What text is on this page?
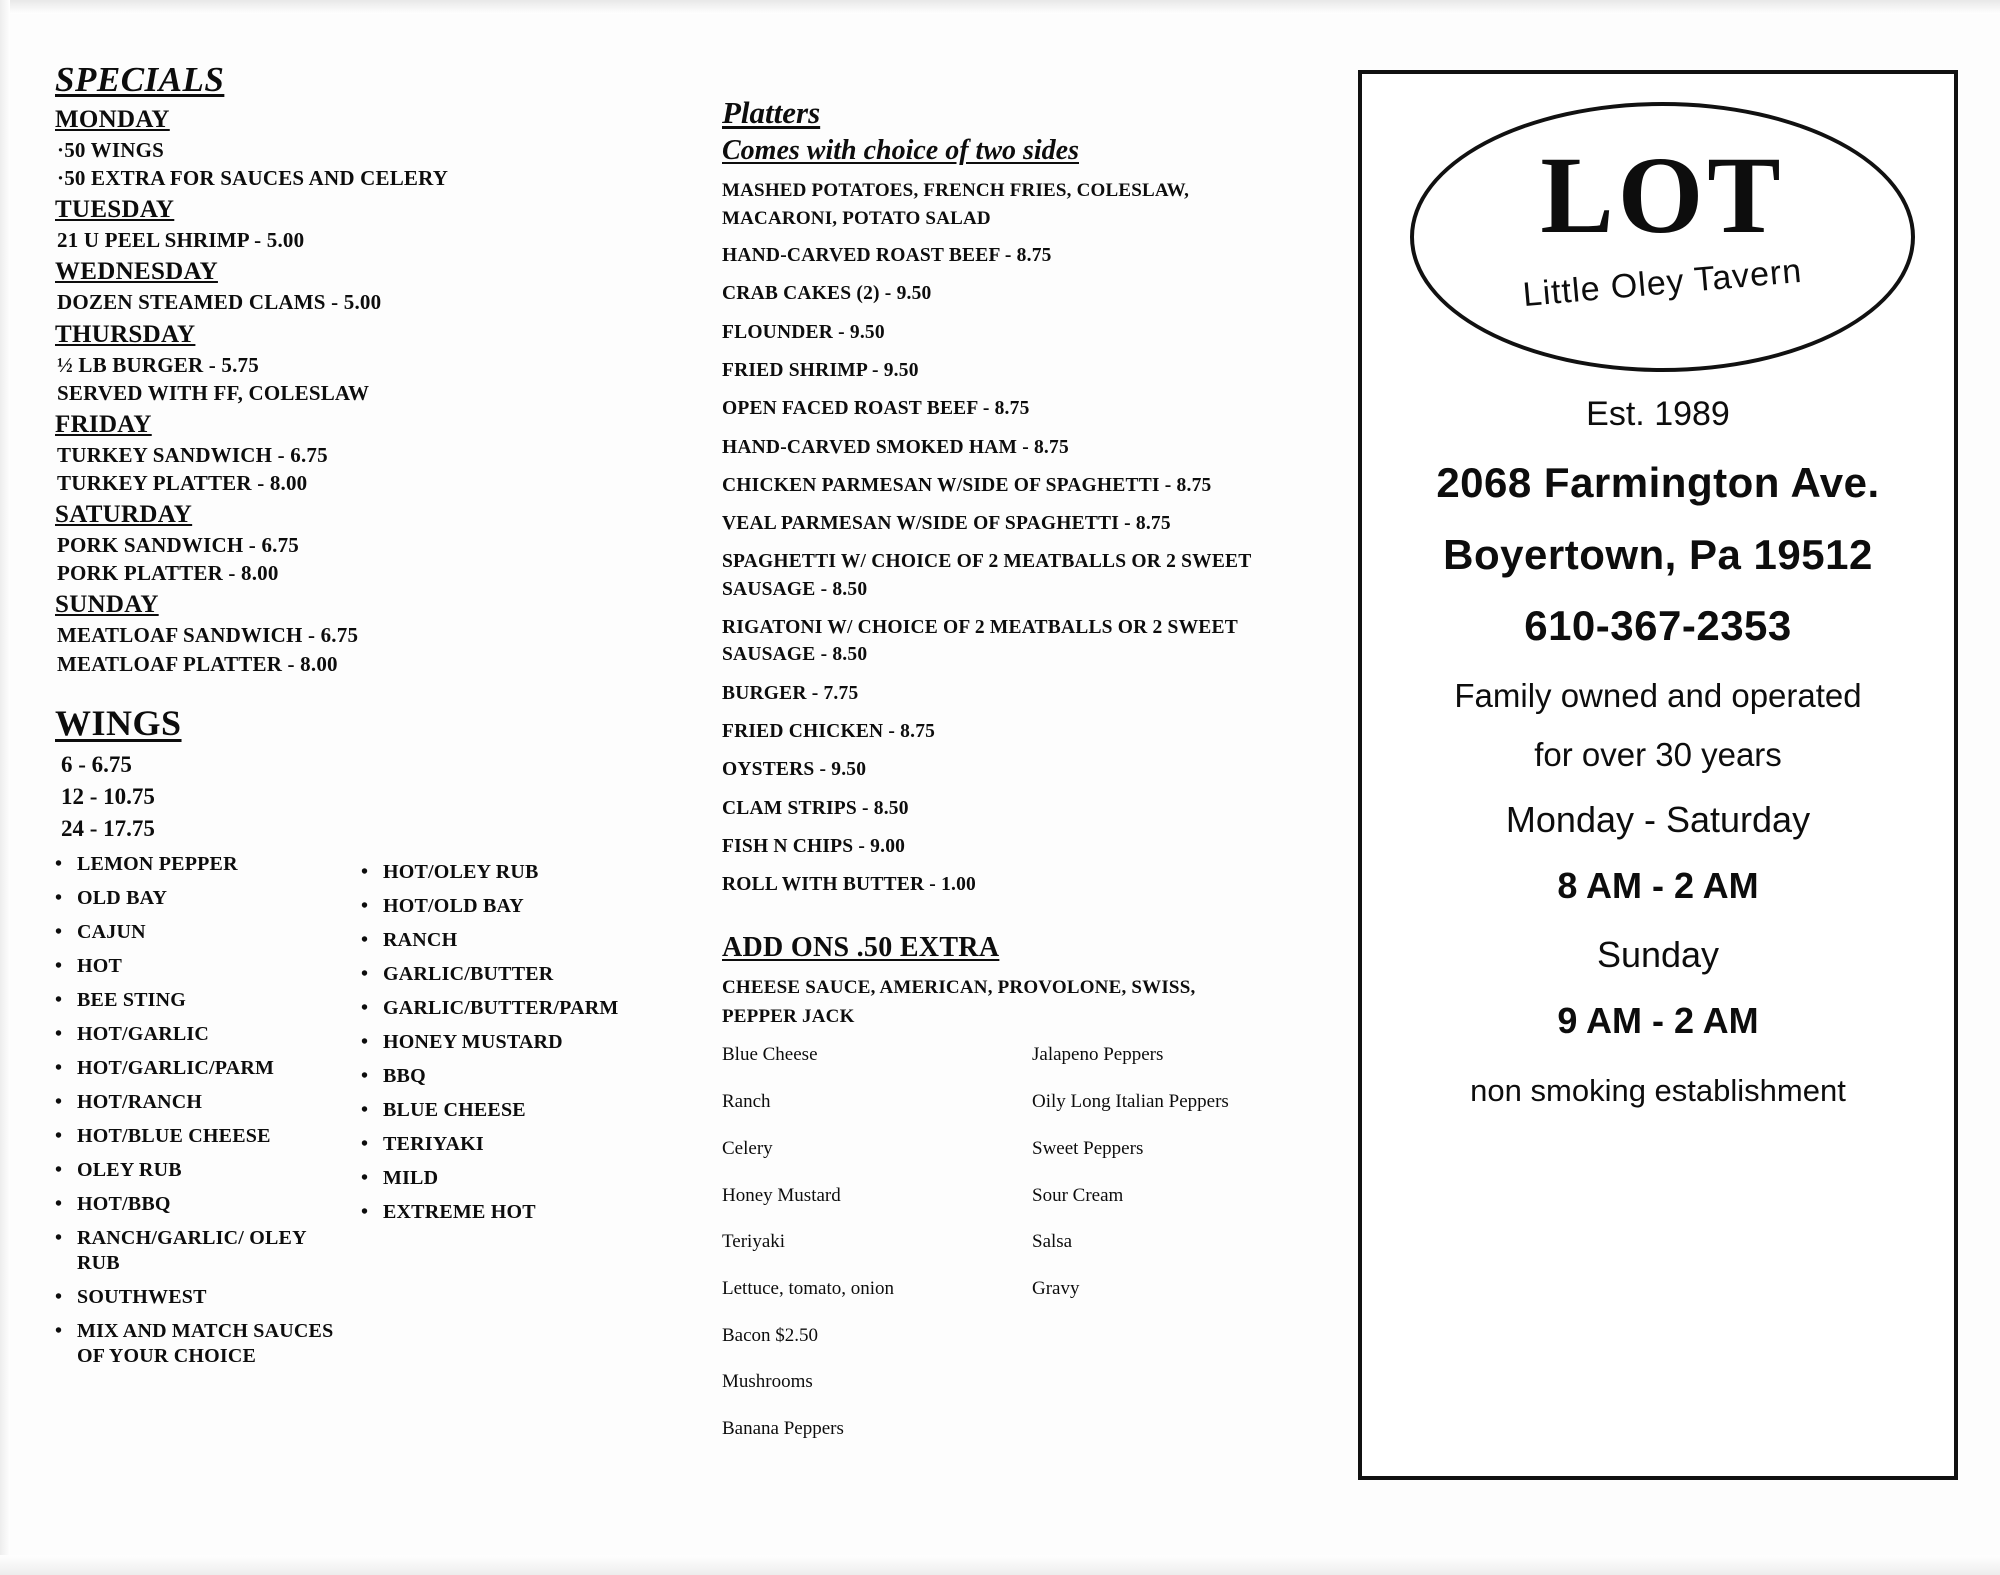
SPECIALS
MONDAY
·50 WINGS
·50 EXTRA FOR SAUCES AND CELERY
TUESDAY
21 U PEEL SHRIMP - 5.00
WEDNESDAY
DOZEN STEAMED CLAMS - 5.00
THURSDAY
½ LB BURGER - 5.75
SERVED WITH FF, COLESLAW
FRIDAY
TURKEY SANDWICH - 6.75
TURKEY PLATTER - 8.00
SATURDAY
PORK SANDWICH - 6.75
PORK PLATTER - 8.00
SUNDAY
MEATLOAF SANDWICH - 6.75
MEATLOAF PLATTER - 8.00
WINGS
6 - 6.75
12 - 10.75
24 - 17.75
• LEMON PEPPER
• OLD BAY
• CAJUN
• HOT
• BEE STING
• HOT/GARLIC
• HOT/GARLIC/PARM
• HOT/RANCH
• HOT/BLUE CHEESE
• OLEY RUB
• HOT/BBQ
• RANCH/GARLIC/ OLEY RUB
• SOUTHWEST
• MIX AND MATCH SAUCES OF YOUR CHOICE
• HOT/OLEY RUB
• HOT/OLD BAY
• RANCH
• GARLIC/BUTTER
• GARLIC/BUTTER/PARM
• HONEY MUSTARD
• BBQ
• BLUE CHEESE
• TERIYAKI
• MILD
• EXTREME HOT
Platters
Comes with choice of two sides
MASHED POTATOES, FRENCH FRIES, COLESLAW, MACARONI, POTATO SALAD
HAND-CARVED ROAST BEEF - 8.75
CRAB CAKES (2) - 9.50
FLOUNDER - 9.50
FRIED SHRIMP - 9.50
OPEN FACED ROAST BEEF - 8.75
HAND-CARVED SMOKED HAM - 8.75
CHICKEN PARMESAN W/SIDE OF SPAGHETTI - 8.75
VEAL PARMESAN W/SIDE OF SPAGHETTI - 8.75
SPAGHETTI W/ CHOICE OF 2 MEATBALLS OR 2 SWEET SAUSAGE - 8.50
RIGATONI W/ CHOICE OF 2 MEATBALLS OR 2 SWEET SAUSAGE - 8.50
BURGER - 7.75
FRIED CHICKEN - 8.75
OYSTERS - 9.50
CLAM STRIPS - 8.50
FISH N CHIPS - 9.00
ROLL WITH BUTTER - 1.00
ADD ONS .50 EXTRA
CHEESE SAUCE, AMERICAN, PROVOLONE, SWISS, PEPPER JACK
Blue Cheese
Ranch
Celery
Honey Mustard
Teriyaki
Lettuce, tomato, onion
Bacon $2.50
Mushrooms
Banana Peppers
Jalapeno Peppers
Oily Long Italian Peppers
Sweet Peppers
Sour Cream
Salsa
Gravy
LOT
Little Oley Tavern
Est. 1989
2068 Farmington Ave.
Boyertown, Pa 19512
610-367-2353
Family owned and operated
for over 30 years
Monday - Saturday
8 AM - 2 AM
Sunday
9 AM - 2 AM
non smoking establishment
